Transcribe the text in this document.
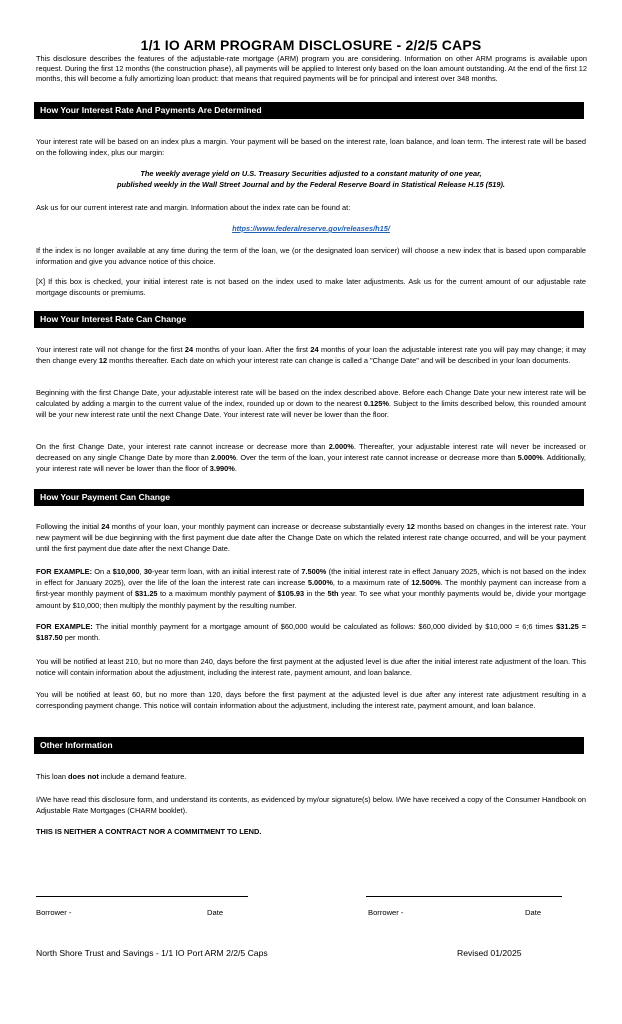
1/1 IO ARM PROGRAM DISCLOSURE - 2/2/5 CAPS
This disclosure describes the features of the adjustable-rate mortgage (ARM) program you are considering. Information on other ARM programs is available upon request. During the first 12 months (the construction phase), all payments will be applied to Interest only based on the loan amount outstanding. At the end of the first 12 months, this will become a fully amortizing loan product: that means that required payments will be for principal and interest over 348 months.
How Your Interest Rate And Payments Are Determined
Your interest rate will be based on an index plus a margin. Your payment will be based on the interest rate, loan balance, and loan term. The interest rate will be based on the following index, plus our margin:
The weekly average yield on U.S. Treasury Securities adjusted to a constant maturity of one year,
published weekly in the Wall Street Journal and by the Federal Reserve Board in Statistical Release H.15 (519).
Ask us for our current interest rate and margin. Information about the index rate can be found at:
https://www.federalreserve.gov/releases/h15/
If the index is no longer available at any time during the term of the loan, we (or the designated loan servicer) will choose a new index that is based upon comparable information and give you advance notice of this choice.
[X] If this box is checked, your initial interest rate is not based on the index used to make later adjustments. Ask us for the current amount of our adjustable rate mortgage discounts or premiums.
How Your Interest Rate Can Change
Your interest rate will not change for the first 24 months of your loan. After the first 24 months of your loan the adjustable interest rate you will pay may change; it may then change every 12 months thereafter. Each date on which your interest rate can change is called a "Change Date" and will be described in your loan documents.
Beginning with the first Change Date, your adjustable interest rate will be based on the index described above. Before each Change Date your new interest rate will be calculated by adding a margin to the current value of the index, rounded up or down to the nearest 0.125%. Subject to the limits described below, this rounded amount will be your new interest rate until the next Change Date. Your interest rate will never be lower than the floor.
On the first Change Date, your interest rate cannot increase or decrease more than 2.000%. Thereafter, your adjustable interest rate will never be increased or decreased on any single Change Date by more than 2.000%. Over the term of the loan, your interest rate cannot increase or decrease more than 5.000%. Additionally, your interest rate will never be lower than the floor of 3.990%.
How Your Payment Can Change
Following the initial 24 months of your loan, your monthly payment can increase or decrease substantially every 12 months based on changes in the interest rate. Your new payment will be due beginning with the first payment due date after the Change Date on which the related interest rate change occurred, and will be your payment until the first payment due date after the next Change Date.
FOR EXAMPLE: On a $10,000, 30-year term loan, with an initial interest rate of 7.500% (the initial interest rate in effect January 2025, which is not based on the index in effect for January 2025), over the life of the loan the interest rate can increase 5.000%, to a maximum rate of 12.500%. The monthly payment can increase from a first-year monthly payment of $31.25 to a maximum monthly payment of $105.93 in the 5th year. To see what your monthly payments would be, divide your mortgage amount by $10,000; then multiply the monthly payment by the resulting number.
FOR EXAMPLE: The initial monthly payment for a mortgage amount of $60,000 would be calculated as follows: $60,000 divided by $10,000 = 6;6 times $31.25 = $187.50 per month.
You will be notified at least 210, but no more than 240, days before the first payment at the adjusted level is due after the initial interest rate adjustment of the loan. This notice will contain information about the adjustment, including the interest rate, payment amount, and loan balance.
You will be notified at least 60, but no more than 120, days before the first payment at the adjusted level is due after any interest rate adjustment resulting in a corresponding payment change. This notice will contain information about the adjustment, including the interest rate, payment amount, and loan balance.
Other Information
This loan does not include a demand feature.
I/We have read this disclosure form, and understand its contents, as evidenced by my/our signature(s) below. I/We have received a copy of the Consumer Handbook on Adjustable Rate Mortgages (CHARM booklet).
THIS IS NEITHER A CONTRACT NOR A COMMITMENT TO LEND.
Borrower -	Date	Borrower -	Date
North Shore Trust and Savings - 1/1 IO Port ARM 2/2/5 Caps	Revised 01/2025
